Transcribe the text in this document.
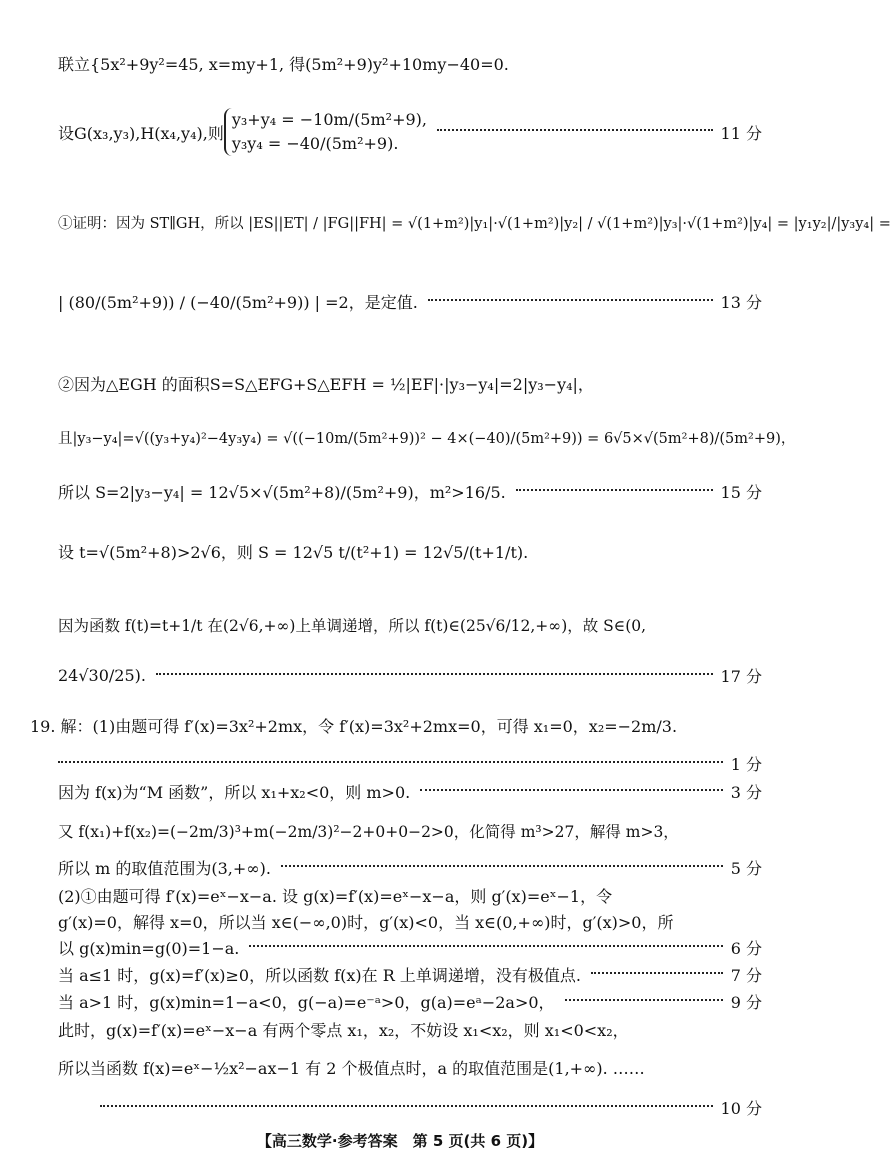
联立{5x²+9y²=45, x=my+1, 得(5m²+9)y²+10my−40=0.
设G(x₃,y₃),H(x₄,y₄),则
y₃+y₄ = −10m/(5m²+9),
y₃y₄ = −40/(5m²+9).
11 分
①证明：因为 ST∥GH，所以 |ES||ET| / |FG||FH| = √(1+m²)|y₁|·√(1+m²)|y₂| / √(1+m²)|y₃|·√(1+m²)|y₄| = |y₁y₂|/|y₃y₄| =
| (80/(5m²+9)) / (−40/(5m²+9)) | =2，是定值.	13 分
②因为△EGH 的面积S=S△EFG+S△EFH = ½|EF|·|y₃−y₄|=2|y₃−y₄|，
且|y₃−y₄|=√((y₃+y₄)²−4y₃y₄) = √((−10m/(5m²+9))² − 4×(−40)/(5m²+9)) = 6√5×√(5m²+8)/(5m²+9)，
所以 S=2|y₃−y₄| = 12√5×√(5m²+8)/(5m²+9)，m²>16/5.	15 分
设 t=√(5m²+8)>2√6，则 S = 12√5 t/(t²+1) = 12√5/(t+1/t).
因为函数 f(t)=t+1/t 在(2√6,+∞)上单调递增，所以 f(t)∈(25√6/12,+∞)，故 S∈(0,
24√30/25).	17 分
19. 解：(1)由题可得 f′(x)=3x²+2mx，令 f′(x)=3x²+2mx=0，可得 x₁=0，x₂=−2m/3.
1 分
因为 f(x)为“M 函数”，所以 x₁+x₂<0，则 m>0.	3 分
又 f(x₁)+f(x₂)=(−2m/3)³+m(−2m/3)²−2+0+0−2>0，化简得 m³>27，解得 m>3，
所以 m 的取值范围为(3,+∞).	5 分
(2)①由题可得 f′(x)=eˣ−x−a. 设 g(x)=f′(x)=eˣ−x−a，则 g′(x)=eˣ−1，令
g′(x)=0，解得 x=0，所以当 x∈(−∞,0)时，g′(x)<0，当 x∈(0,+∞)时，g′(x)>0，所
以 g(x)min=g(0)=1−a.	6 分
当 a≤1 时，g(x)=f′(x)≥0，所以函数 f(x)在 R 上单调递增，没有极值点.	7 分
当 a>1 时，g(x)min=1−a<0，g(−a)=e⁻ᵃ>0，g(a)=eᵃ−2a>0，	9 分
此时，g(x)=f′(x)=eˣ−x−a 有两个零点 x₁，x₂，不妨设 x₁<x₂，则 x₁<0<x₂，
所以当函数 f(x)=eˣ−½x²−ax−1 有 2 个极值点时，a 的取值范围是(1,+∞). ……
10 分
【高三数学·参考答案　第 5 页(共 6 页)】
